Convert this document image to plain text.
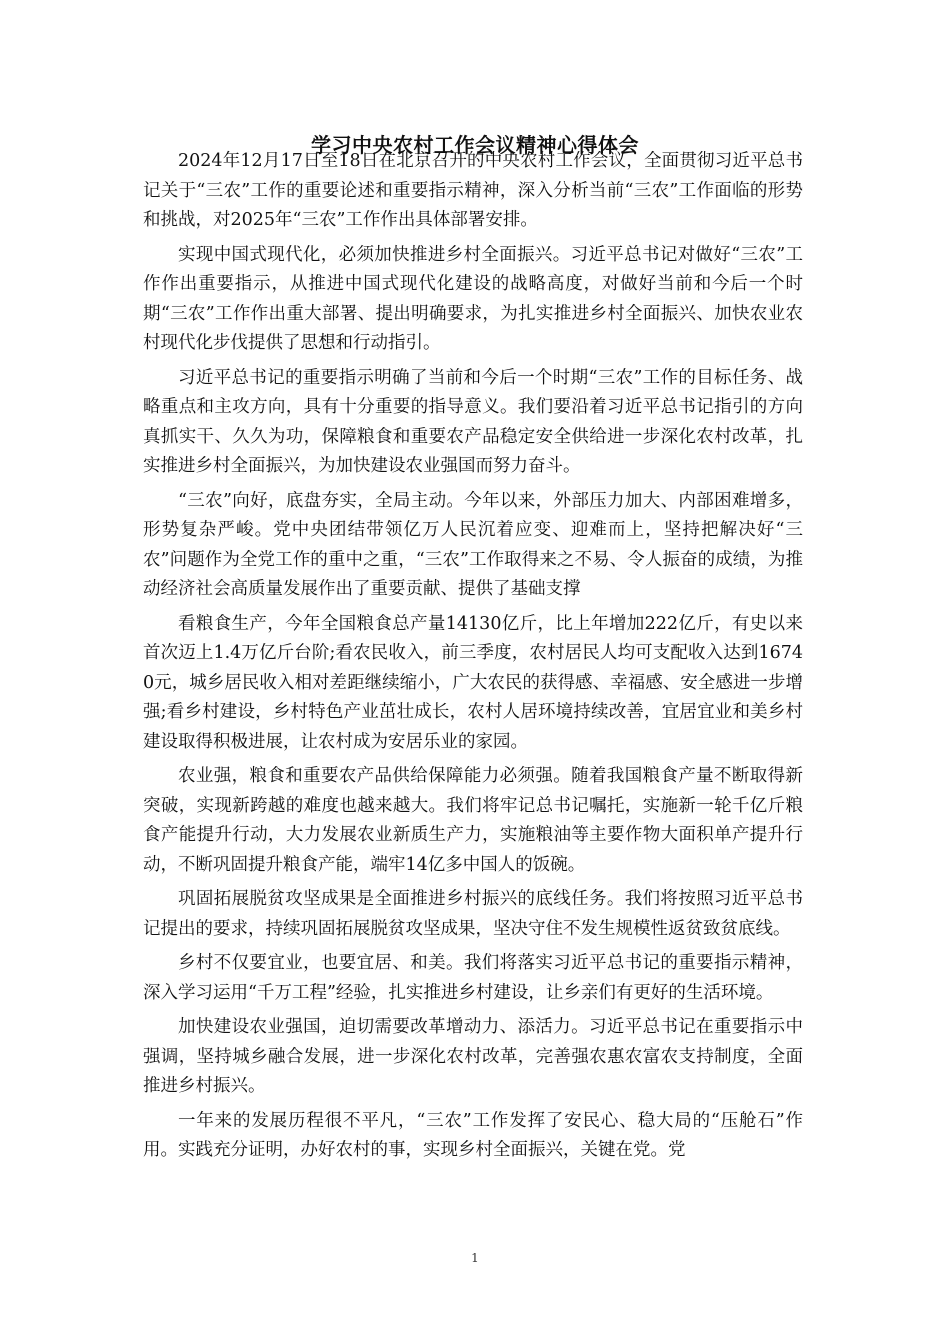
学习中央农村工作会议精神心得体会

2024年12月17日至18日在北京召开的中央农村工作会议，全面贯彻习近平总书记关于“三农”工作的重要论述和重要指示精神，深入分析当前“三农”工作面临的形势和挑战，对2025年“三农”工作作出具体部署安排。

实现中国式现代化，必须加快推进乡村全面振兴。习近平总书记对做好“三农”工作作出重要指示，从推进中国式现代化建设的战略高度，对做好当前和今后一个时期“三农”工作作出重大部署、提出明确要求，为扎实推进乡村全面振兴、加快农业农村现代化步伐提供了思想和行动指引。

习近平总书记的重要指示明确了当前和今后一个时期“三农”工作的目标任务、战略重点和主攻方向，具有十分重要的指导意义。我们要沿着习近平总书记指引的方向真抓实干、久久为功，保障粮食和重要农产品稳定安全供给进一步深化农村改革，扎实推进乡村全面振兴，为加快建设农业强国而努力奋斗。

“三农”向好，底盘夯实，全局主动。今年以来，外部压力加大、内部困难增多，形势复杂严峻。党中央团结带领亿万人民沉着应变、迎难而上，坚持把解决好“三农”问题作为全党工作的重中之重，“三农”工作取得来之不易、令人振奋的成绩，为推动经济社会高质量发展作出了重要贡献、提供了基础支撑

看粮食生产，今年全国粮食总产量14130亿斤，比上年增加222亿斤，有史以来首次迈上1.4万亿斤台阶;看农民收入，前三季度，农村居民人均可支配收入达到16740元，城乡居民收入相对差距继续缩小，广大农民的获得感、幸福感、安全感进一步增强;看乡村建设，乡村特色产业茁壮成长，农村人居环境持续改善，宜居宜业和美乡村建设取得积极进展，让农村成为安居乐业的家园。

农业强，粮食和重要农产品供给保障能力必须强。随着我国粮食产量不断取得新突破，实现新跨越的难度也越来越大。我们将牢记总书记嘱托，实施新一轮千亿斤粮食产能提升行动，大力发展农业新质生产力，实施粮油等主要作物大面积单产提升行动，不断巩固提升粮食产能，端牢14亿多中国人的饭碗。

巩固拓展脱贫攻坚成果是全面推进乡村振兴的底线任务。我们将按照习近平总书记提出的要求，持续巩固拓展脱贫攻坚成果，坚决守住不发生规模性返贫致贫底线。

乡村不仅要宜业，也要宜居、和美。我们将落实习近平总书记的重要指示精神，深入学习运用“千万工程”经验，扎实推进乡村建设，让乡亲们有更好的生活环境。

加快建设农业强国，迫切需要改革增动力、添活力。习近平总书记在重要指示中强调，坚持城乡融合发展，进一步深化农村改革，完善强农惠农富农支持制度，全面推进乡村振兴。

一年来的发展历程很不平凡，“三农”工作发挥了安民心、稳大局的“压舱石”作用。实践充分证明，办好农村的事，实现乡村全面振兴，关键在党。党

1
